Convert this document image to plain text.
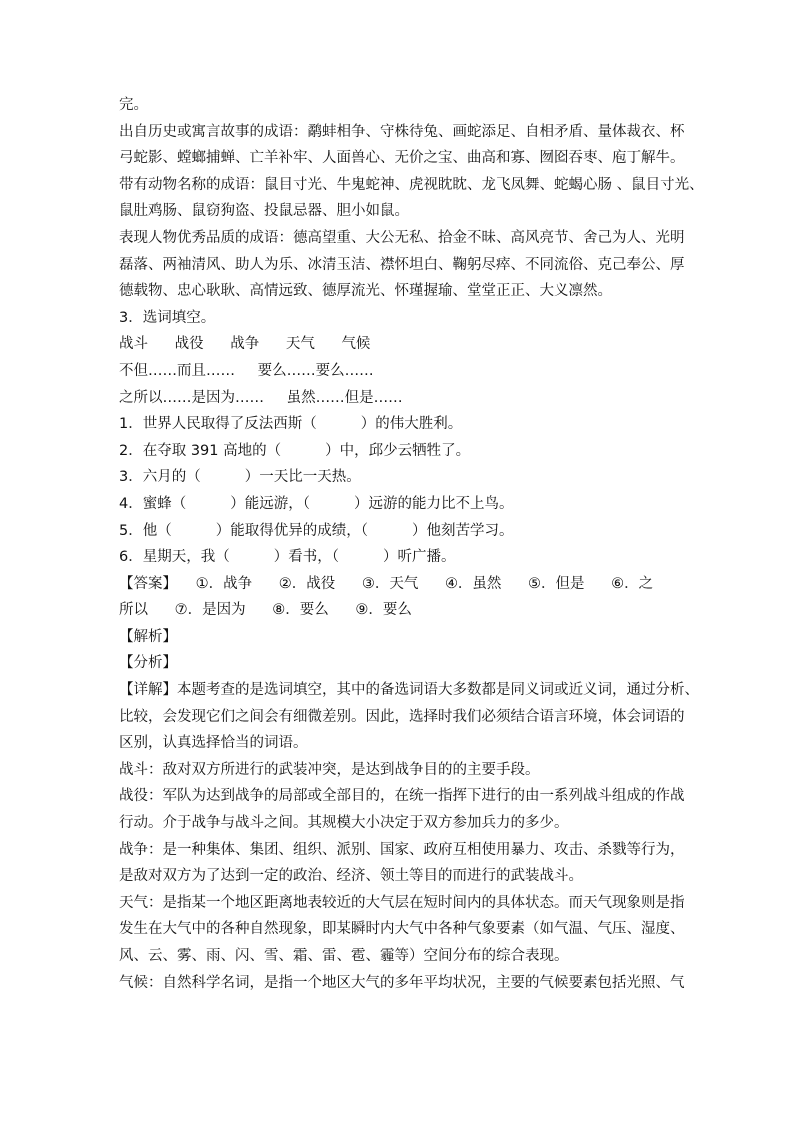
完。
出自历史或寓言故事的成语：鹬蚌相争、守株待兔、画蛇添足、自相矛盾、量体裁衣、杯
弓蛇影、螳螂捕蝉、亡羊补牢、人面兽心、无价之宝、曲高和寡、囫囵吞枣、庖丁解牛。
带有动物名称的成语：鼠目寸光、牛鬼蛇神、虎视眈眈、龙飞凤舞、蛇蝎心肠 、鼠目寸光、
鼠肚鸡肠、鼠窃狗盗、投鼠忌器、胆小如鼠。
表现人物优秀品质的成语：德高望重、大公无私、拾金不昧、高风亮节、舍己为人、光明
磊落、两袖清风、助人为乐、冰清玉洁、襟怀坦白、鞠躬尽瘁、不同流俗、克己奉公、厚
德载物、忠心耿耿、高情远致、德厚流光、怀瑾握瑜、堂堂正正、大义凛然。
3．选词填空。
战斗 战役 战争 天气 气候
不但……而且…… 要么……要么……
之所以……是因为…… 虽然……但是……
1．世界人民取得了反法西斯（	）的伟大胜利。
2．在夺取 391 高地的（	）中，邱少云牺牲了。
3．六月的（	）一天比一天热。
4．蜜蜂（	）能远游，（	）远游的能力比不上鸟。
5．他（	）能取得优异的成绩，（	）他刻苦学习。
6．星期天，我（	）看书，（	）听广播。
【答案】 ①．战争 ②．战役 ③．天气 ④．虽然 ⑤．但是 ⑥．之
所以 ⑦．是因为 ⑧．要么 ⑨．要么
【解析】
【分析】
【详解】本题考查的是选词填空，其中的备选词语大多数都是同义词或近义词，通过分析、
比较，会发现它们之间会有细微差别。因此，选择时我们必须结合语言环境，体会词语的
区别，认真选择恰当的词语。
战斗：敌对双方所进行的武装冲突，是达到战争目的的主要手段。
战役：军队为达到战争的局部或全部目的，在统一指挥下进行的由一系列战斗组成的作战
行动。介于战争与战斗之间。其规模大小决定于双方参加兵力的多少。
战争：是一种集体、集团、组织、派别、国家、政府互相使用暴力、攻击、杀戮等行为，
是敌对双方为了达到一定的政治、经济、领土等目的而进行的武装战斗。
天气：是指某一个地区距离地表较近的大气层在短时间内的具体状态。而天气现象则是指
发生在大气中的各种自然现象，即某瞬时内大气中各种气象要素（如气温、气压、湿度、
风、云、雾、雨、闪、雪、霜、雷、雹、霾等）空间分布的综合表现。
气候：自然科学名词，是指一个地区大气的多年平均状况，主要的气候要素包括光照、气
